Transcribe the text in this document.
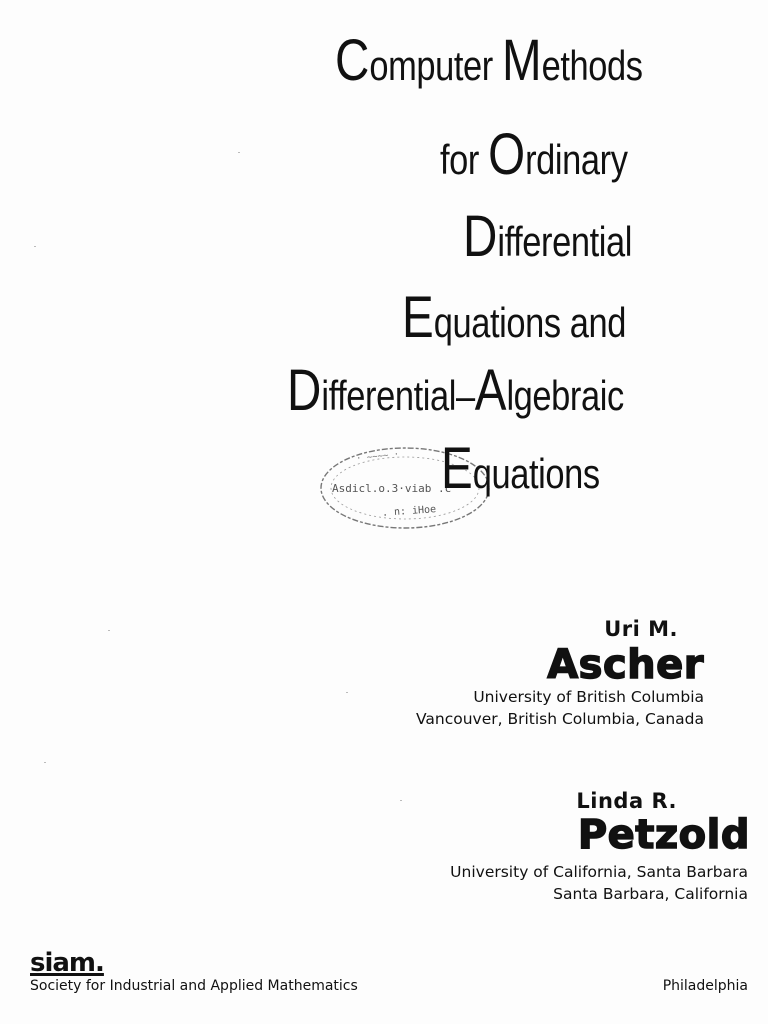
Computer Methods
for Ordinary
Differential
Equations and
Differential–Algebraic
· ~~~~ ·
Asdicl.o.3·viab .c
. n: iHoe
Equations
Uri M.
Ascher
University of British Columbia
Vancouver, British Columbia, Canada
Linda R.
Petzold
University of California, Santa Barbara
Santa Barbara, California
siam.
Society for Industrial and Applied Mathematics	Philadelphia
